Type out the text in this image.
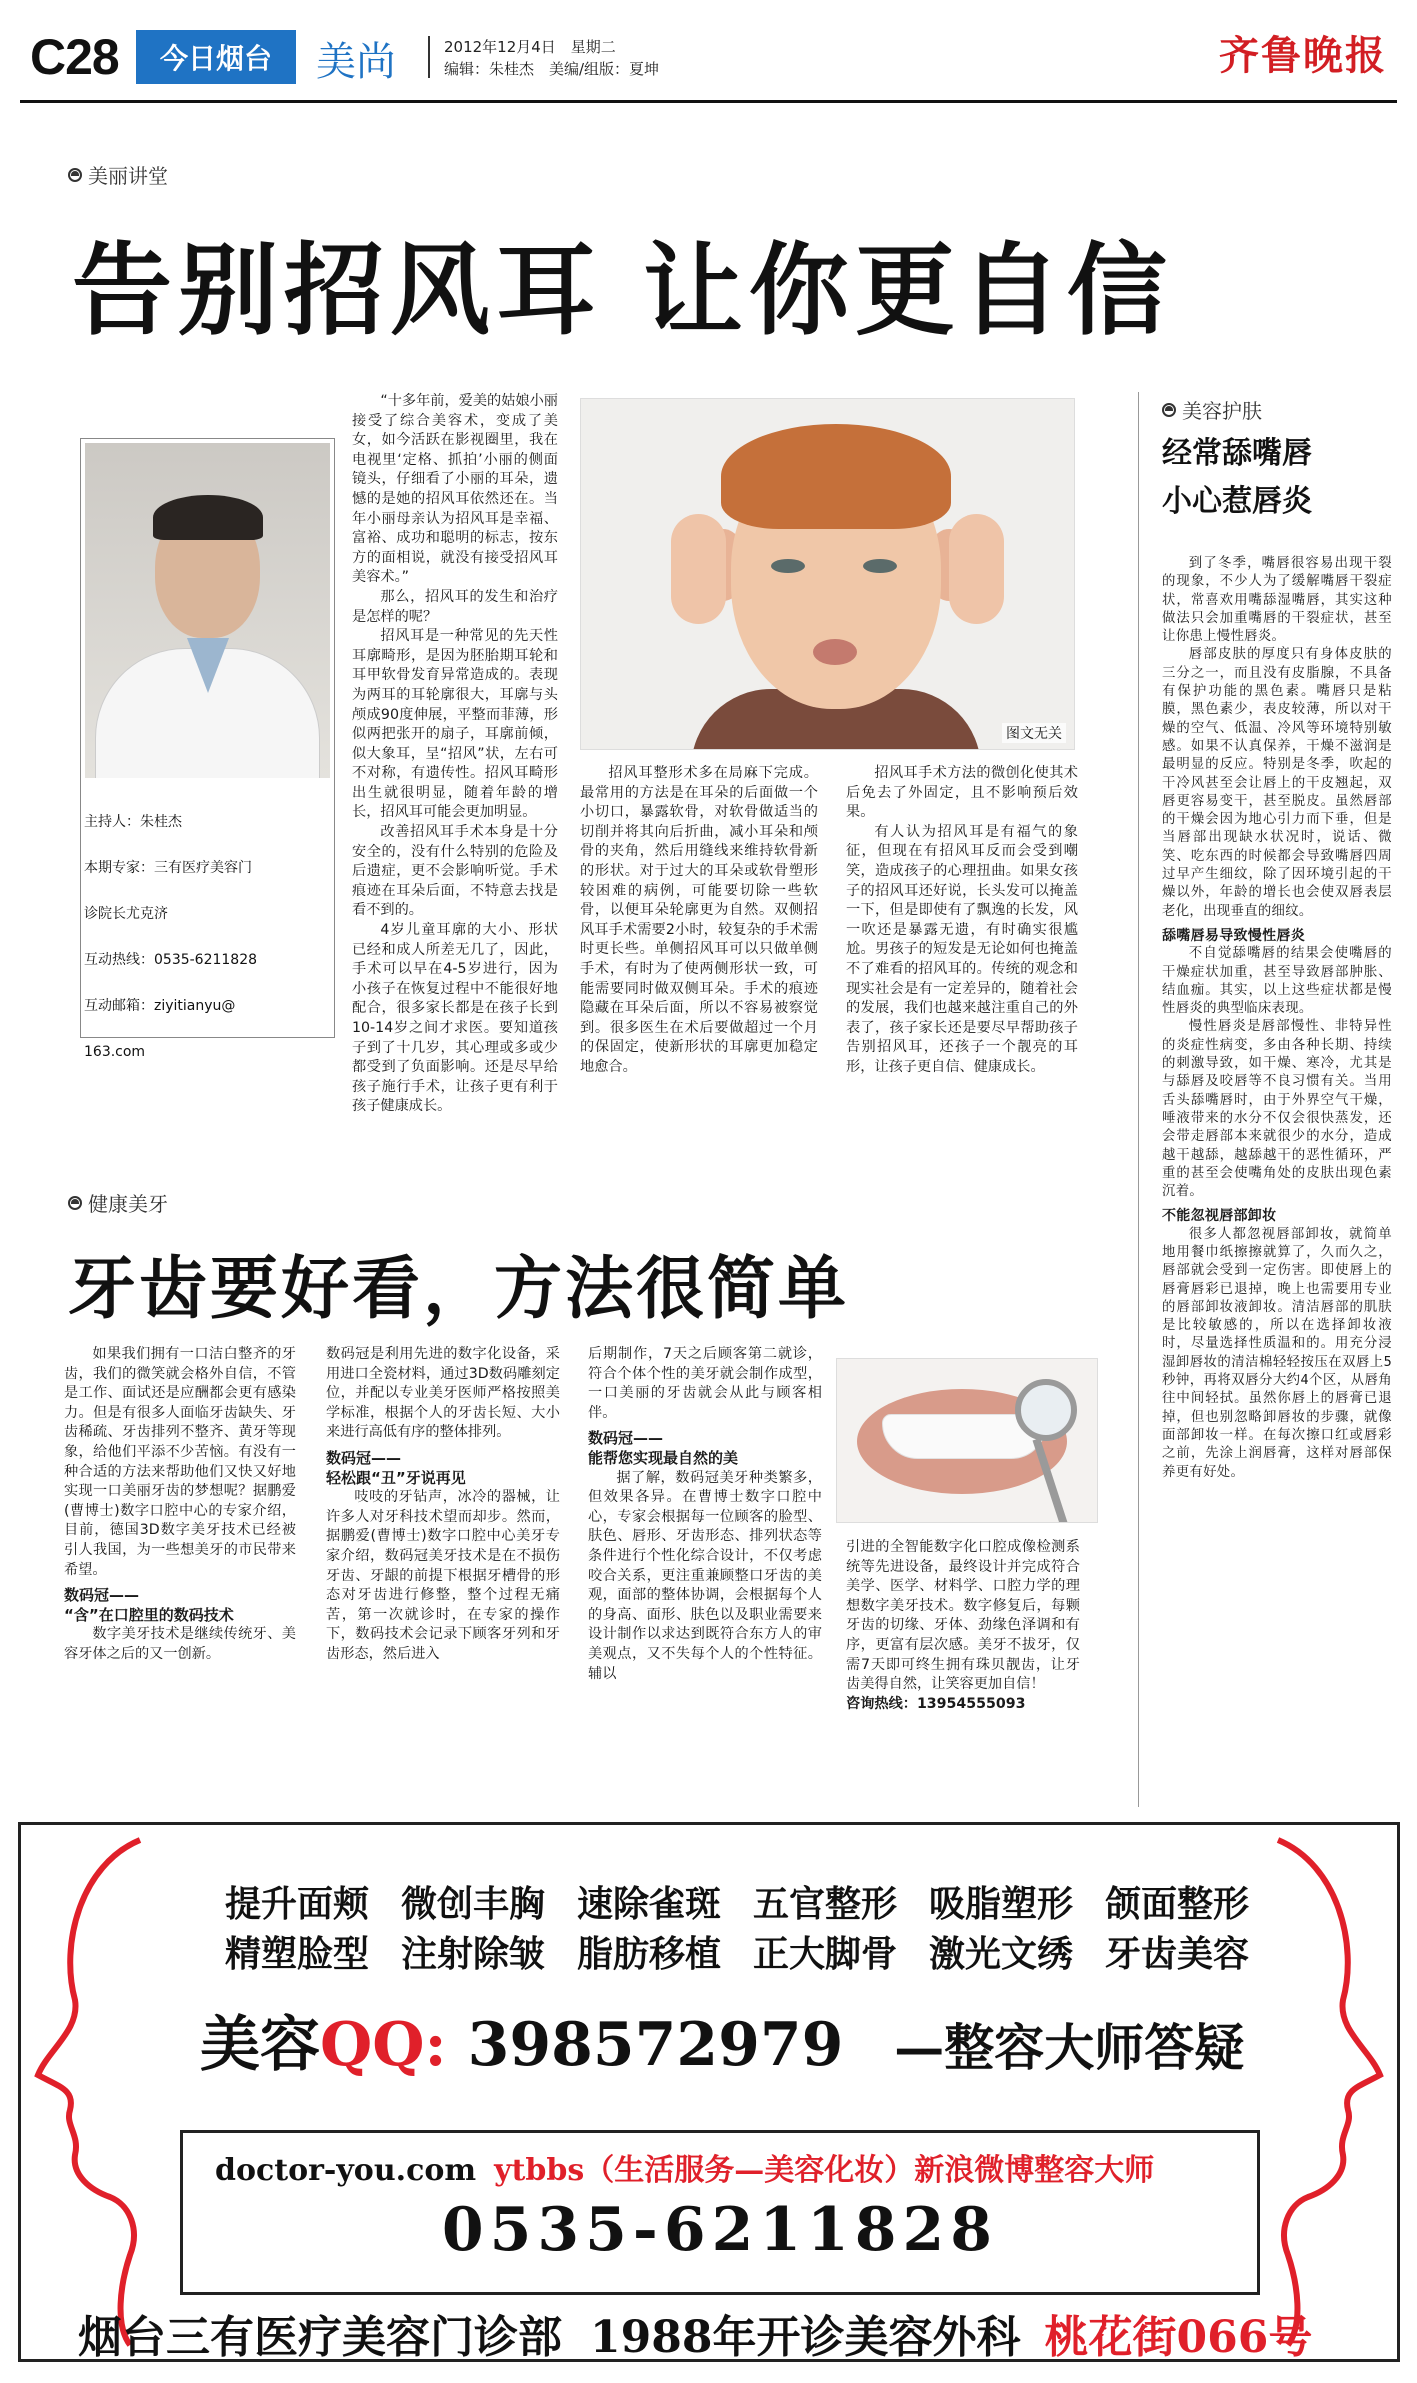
C28	今日烟台	美尚	2012年12月4日　星期二
编辑：朱桂杰　美编/组版：夏坤	齐鲁晚报
美丽讲堂
告别招风耳 让你更自信
主持人：朱桂杰
本期专家：三有医疗美容门
诊院长尤克济
互动热线：0535-6211828
互动邮箱：ziyitianyu@
163.com

“十多年前，爱美的姑娘小丽接受了综合美容术，变成了美女，如今活跃在影视圈里，我在电视里‘定格、抓拍’小丽的侧面镜头，仔细看了小丽的耳朵，遗憾的是她的招风耳依然还在。当年小丽母亲认为招风耳是幸福、富裕、成功和聪明的标志，按东方的面相说，就没有接受招风耳美容术。”

那么，招风耳的发生和治疗是怎样的呢？

招风耳是一种常见的先天性耳廓畸形，是因为胚胎期耳轮和耳甲软骨发育异常造成的。表现为两耳的耳轮廓很大，耳廓与头颅成90度伸展，平整而菲薄，形似两把张开的扇子，耳廓前倾，似大象耳，呈“招风”状，左右可不对称，有遗传性。招风耳畸形出生就很明显，随着年龄的增长，招风耳可能会更加明显。

改善招风耳手术本身是十分安全的，没有什么特别的危险及后遗症，更不会影响听觉。手术痕迹在耳朵后面，不特意去找是看不到的。

4岁儿童耳廓的大小、形状已经和成人所差无几了，因此，手术可以早在4-5岁进行，因为小孩子在恢复过程中不能很好地配合，很多家长都是在孩子长到10-14岁之间才求医。要知道孩子到了十几岁，其心理或多或少都受到了负面影响。还是尽早给孩子施行手术，让孩子更有利于孩子健康成长。

图文无关

招风耳整形术多在局麻下完成。最常用的方法是在耳朵的后面做一个小切口，暴露软骨，对软骨做适当的切削并将其向后折曲，减小耳朵和颅骨的夹角，然后用缝线来维持软骨新的形状。对于过大的耳朵或软骨塑形较困难的病例，可能要切除一些软骨，以便耳朵轮廓更为自然。双侧招风耳手术需要2小时，较复杂的手术需时更长些。单侧招风耳可以只做单侧手术，有时为了使两侧形状一致，可能需要同时做双侧耳朵。手术的痕迹隐藏在耳朵后面，所以不容易被察觉到。很多医生在术后要做超过一个月的保固定，使新形状的耳廓更加稳定地愈合。

招风耳手术方法的微创化使其术后免去了外固定，且不影响预后效果。

有人认为招风耳是有福气的象征，但现在有招风耳反而会受到嘲笑，造成孩子的心理扭曲。如果女孩子的招风耳还好说，长头发可以掩盖一下，但是即使有了飘逸的长发，风一吹还是暴露无遗，有时确实很尴尬。男孩子的短发是无论如何也掩盖不了难看的招风耳的。传统的观念和现实社会是有一定差异的，随着社会的发展，我们也越来越注重自己的外表了，孩子家长还是要尽早帮助孩子告别招风耳，还孩子一个靓亮的耳形，让孩子更自信、健康成长。

健康美牙
牙齿要好看，方法很简单

如果我们拥有一口洁白整齐的牙齿，我们的微笑就会格外自信，不管是工作、面试还是应酬都会更有感染力。但是有很多人面临牙齿缺失、牙齿稀疏、牙齿排列不整齐、黄牙等现象，给他们平添不少苦恼。有没有一种合适的方法来帮助他们又快又好地实现一口美丽牙齿的梦想呢？据鹏爱(曹博士)数字口腔中心的专家介绍，目前，德国3D数字美牙技术已经被引人我国，为一些想美牙的市民带来希望。

数码冠——
“含”在口腔里的数码技术

数字美牙技术是继续传统牙、美容牙体之后的又一创新。

数码冠是利用先进的数字化设备，采用进口全瓷材料，通过3D数码雕刻定位，并配以专业美牙医师严格按照美学标准，根据个人的牙齿长短、大小来进行高低有序的整体排列。

数码冠——
轻松跟“丑”牙说再见

吱吱的牙钻声，冰冷的器械，让许多人对牙科技术望而却步。然而，据鹏爱(曹博士)数字口腔中心美牙专家介绍，数码冠美牙技术是在不损伤牙齿、牙龈的前提下根据牙槽骨的形态对牙齿进行修整，整个过程无痛苦，第一次就诊时，在专家的操作下，数码技术会记录下顾客牙列和牙齿形态，然后进入

后期制作，7天之后顾客第二就诊，符合个体个性的美牙就会制作成型，一口美丽的牙齿就会从此与顾客相伴。

数码冠——
能帮您实现最自然的美

据了解，数码冠美牙种类繁多，但效果各异。在曹博士数字口腔中心，专家会根据每一位顾客的脸型、肤色、唇形、牙齿形态、排列状态等条件进行个性化综合设计，不仅考虑咬合关系，更注重兼顾整口牙齿的美观，面部的整体协调，会根据每个人的身高、面形、肤色以及职业需要来设计制作以求达到既符合东方人的审美观点，又不失每个人的个性特征。辅以

引进的全智能数字化口腔成像检测系统等先进设备，最终设计并完成符合美学、医学、材料学、口腔力学的理想数字美牙技术。数字修复后，每颗牙齿的切缘、牙体、劲缘色泽调和有序，更富有层次感。美牙不拔牙，仅需7天即可终生拥有珠贝靓齿，让牙齿美得自然，让笑容更加自信！

咨询热线：13954555093
美容护肤
经常舔嘴唇
小心惹唇炎

到了冬季，嘴唇很容易出现干裂的现象，不少人为了缓解嘴唇干裂症状，常喜欢用嘴舔湿嘴唇，其实这种做法只会加重嘴唇的干裂症状，甚至让你患上慢性唇炎。

唇部皮肤的厚度只有身体皮肤的三分之一，而且没有皮脂腺，不具备有保护功能的黑色素。嘴唇只是粘膜，黑色素少，表皮较薄，所以对干燥的空气、低温、冷风等环境特别敏感。如果不认真保养，干燥不滋润是最明显的反应。特别是冬季，吹起的干冷风甚至会让唇上的干皮翘起，双唇更容易变干，甚至脱皮。虽然唇部的干燥会因为地心引力而下垂，但是当唇部出现缺水状况时，说话、微笑、吃东西的时候都会导致嘴唇四周过早产生细纹，除了因环境引起的干燥以外，年龄的增长也会使双唇表层老化，出现垂直的细纹。

舔嘴唇易导致慢性唇炎

不自觉舔嘴唇的结果会使嘴唇的干燥症状加重，甚至导致唇部肿胀、结血痂。其实，以上这些症状都是慢性唇炎的典型临床表现。

慢性唇炎是唇部慢性、非特异性的炎症性病变，多由各种长期、持续的刺激导致，如干燥、寒冷，尤其是与舔唇及咬唇等不良习惯有关。当用舌头舔嘴唇时，由于外界空气干燥，唾液带来的水分不仅会很快蒸发，还会带走唇部本来就很少的水分，造成越干越舔，越舔越干的恶性循环，严重的甚至会使嘴角处的皮肤出现色素沉着。

不能忽视唇部卸妆

很多人都忽视唇部卸妆，就简单地用餐巾纸擦擦就算了，久而久之，唇部就会受到一定伤害。即使唇上的唇膏唇彩已退掉，晚上也需要用专业的唇部卸妆液卸妆。清洁唇部的肌肤是比较敏感的，所以在选择卸妆液时，尽量选择性质温和的。用充分浸湿卸唇妆的清洁棉轻轻按压在双唇上5秒钟，再将双唇分大约4个区，从唇角往中间轻拭。虽然你唇上的唇膏已退掉，但也别忽略卸唇妆的步骤，就像面部卸妆一样。在每次擦口红或唇彩之前，先涂上润唇膏，这样对唇部保养更有好处。

提升面颊 微创丰胸 速除雀斑 五官整形 吸脂塑形 颌面整形
精塑脸型 注射除皱 脂肪移植 正大脚骨 激光文绣 牙齿美容
美容QQ: 398572979 —整容大师答疑
doctor-you.com ytbbs（生活服务—美容化妆）新浪微博整容大师
0535-6211828
烟台三有医疗美容门诊部 1988年开诊美容外科 桃花街066号
